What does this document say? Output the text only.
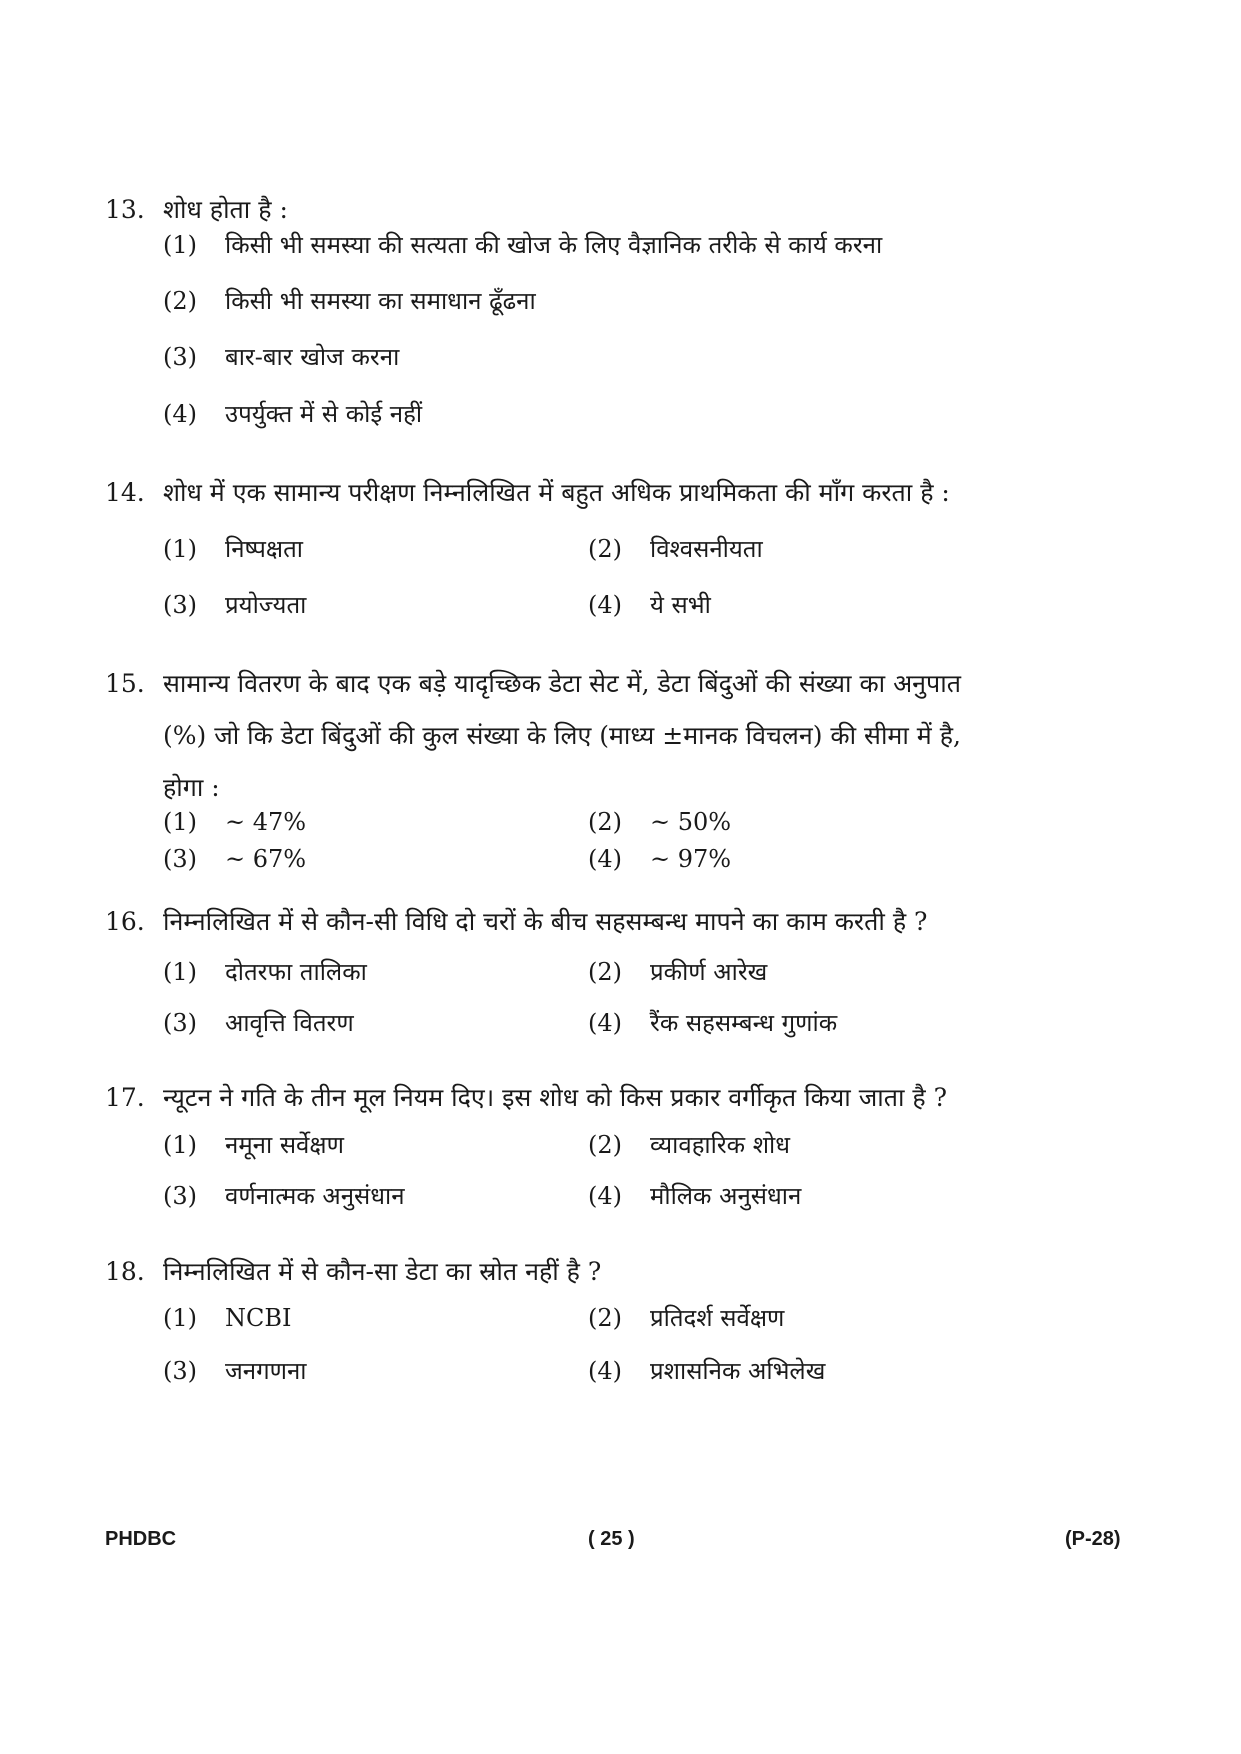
13. शोध होता है :
(1) किसी भी समस्या की सत्यता की खोज के लिए वैज्ञानिक तरीके से कार्य करना
(2) किसी भी समस्या का समाधान ढूँढना
(3) बार-बार खोज करना
(4) उपर्युक्त में से कोई नहीं
14. शोध में एक सामान्य परीक्षण निम्नलिखित में बहुत अधिक प्राथमिकता की माँग करता है :
(1) निष्पक्षता	(2) विश्वसनीयता
(3) प्रयोज्यता	(4) ये सभी
15. सामान्य वितरण के बाद एक बड़े यादृच्छिक डेटा सेट में, डेटा बिंदुओं की संख्या का अनुपात
(%) जो कि डेटा बिंदुओं की कुल संख्या के लिए (माध्य ±मानक विचलन) की सीमा में है,
होगा :
(1) ~ 47%	(2) ~ 50%
(3) ~ 67%	(4) ~ 97%
16. निम्नलिखित में से कौन-सी विधि दो चरों के बीच सहसम्बन्ध मापने का काम करती है ?
(1) दोतरफा तालिका	(2) प्रकीर्ण आरेख
(3) आवृत्ति वितरण	(4) रैंक सहसम्बन्ध गुणांक
17. न्यूटन ने गति के तीन मूल नियम दिए। इस शोध को किस प्रकार वर्गीकृत किया जाता है ?
(1) नमूना सर्वेक्षण	(2) व्यावहारिक शोध
(3) वर्णनात्मक अनुसंधान	(4) मौलिक अनुसंधान
18. निम्नलिखित में से कौन-सा डेटा का स्रोत नहीं है ?
(1) NCBI	(2) प्रतिदर्श सर्वेक्षण
(3) जनगणना	(4) प्रशासनिक अभिलेख
PHDBC	( 25 )	(P-28)
